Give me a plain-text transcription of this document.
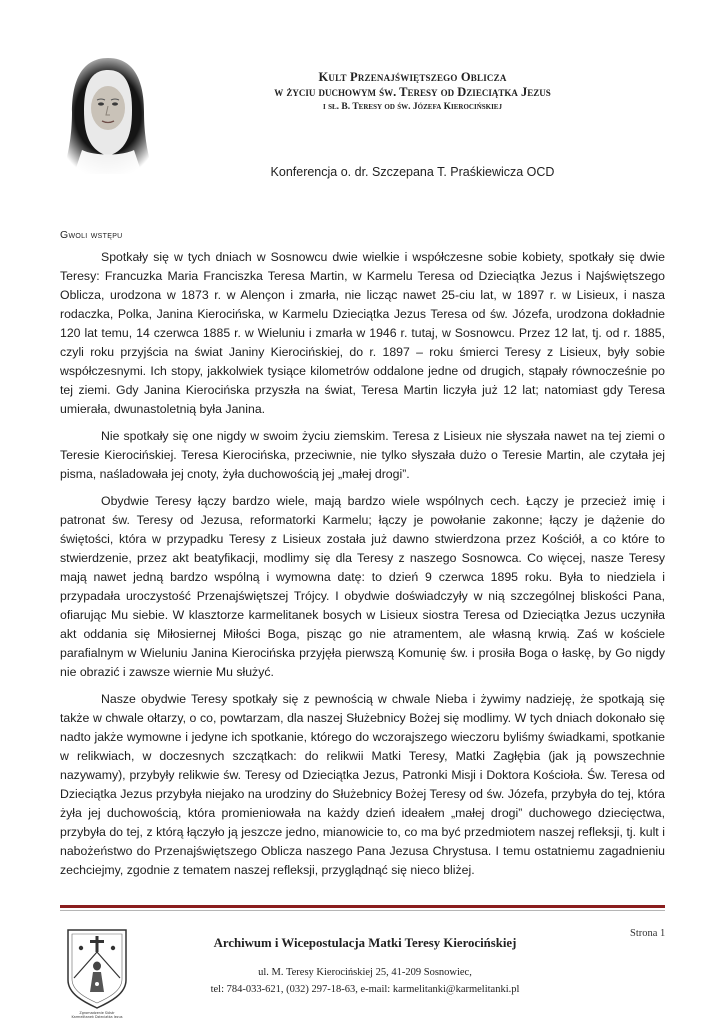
Kult Przenajświętszego Oblicza
w życiu duchowym św. Teresy od Dzieciątka Jezus
i sł. B. Teresy od św. Józefa Kierocińskiej
Konferencja o. dr. Szczepana T. Praśkiewicza OCD
Gwoli wstępu

Spotkały się w tych dniach w Sosnowcu dwie wielkie i współczesne sobie kobiety, spotkały się dwie Teresy: Francuzka Maria Franciszka Teresa Martin, w Karmelu Teresa od Dzieciątka Jezus i Najświętszego Oblicza, urodzona w 1873 r. w Alençon i zmarła, nie licząc nawet 25-ciu lat, w 1897 r. w Lisieux, i nasza rodaczka, Polka, Janina Kierocińska, w Karmelu Dzieciątka Jezus Teresa od św. Józefa, urodzona dokładnie 120 lat temu, 14 czerwca 1885 r. w Wieluniu i zmarła w 1946 r. tutaj, w Sosnowcu. Przez 12 lat, tj. od r. 1885, czyli roku przyjścia na świat Janiny Kierocińskiej, do r. 1897 – roku śmierci Teresy z Lisieux, były sobie współczesnymi. Ich stopy, jakkolwiek tysiące kilometrów oddalone jedne od drugich, stąpały równocześnie po tej ziemi. Gdy Janina Kierocińska przyszła na świat, Teresa Martin liczyła już 12 lat; natomiast gdy Teresa umierała, dwunastoletnią była Janina.

Nie spotkały się one nigdy w swoim życiu ziemskim. Teresa z Lisieux nie słyszała nawet na tej ziemi o Teresie Kierocińskiej. Teresa Kierocińska, przeciwnie, nie tylko słyszała dużo o Teresie Martin, ale czytała jej pisma, naśladowała jej cnoty, żyła duchowością jej „małej drogi”.

Obydwie Teresy łączy bardzo wiele, mają bardzo wiele wspólnych cech. Łączy je przecież imię i patronat św. Teresy od Jezusa, reformatorki Karmelu; łączy je powołanie zakonne; łączy je dążenie do świętości, która w przypadku Teresy z Lisieux została już dawno stwierdzona przez Kościół, a co które to stwierdzenie, przez akt beatyfikacji, modlimy się dla Teresy z naszego Sosnowca. Co więcej, nasze Teresy mają nawet jedną bardzo wspólną i wymowna datę: to dzień 9 czerwca 1895 roku. Była to niedziela i przypadała uroczystość Przenajświętszej Trójcy. I obydwie doświadczyły w nią szczególnej bliskości Pana, ofiarując Mu siebie. W klasztorze karmelitanek bosych w Lisieux siostra Teresa od Dzieciątka Jezus uczyniła akt oddania się Miłosiernej Miłości Boga, pisząc go nie atramentem, ale własną krwią. Zaś w kościele parafialnym w Wieluniu Janina Kierocińska przyjęła pierwszą Komunię św. i prosiła Boga o łaskę, by Go nigdy nie obrazić i zawsze wiernie Mu służyć.

Nasze obydwie Teresy spotkały się z pewnością w chwale Nieba i żywimy nadzieję, że spotkają się także w chwale ołtarzy, o co, powtarzam, dla naszej Służebnicy Bożej się modlimy. W tych dniach dokonało się nadto jakże wymowne i jedyne ich spotkanie, którego do wczorajszego wieczoru byliśmy świadkami, spotkanie w relikwiach, w doczesnych szczątkach: do relikwii Matki Teresy, Matki Zagłębia (jak ją powszechnie nazywamy), przybyły relikwie św. Teresy od Dzieciątka Jezus, Patronki Misji i Doktora Kościoła. Św. Teresa od Dzieciątka Jezus przybyła niejako na urodziny do Służebnicy Bożej Teresy od św. Józefa, przybyła do tej, która żyła jej duchowością, która promieniowała na każdy dzień ideałem „małej drogi” duchowego dziecięctwa, przybyła do tej, z którą łączyło ją jeszcze jedno, mianowicie to, co ma być przedmiotem naszej refleksji, tj. kult i nabożeństwo do Przenajświętszego Oblicza naszego Pana Jezusa Chrystusa. I temu ostatniemu zagadnieniu zechciejmy, zgodnie z tematem naszej refleksji, przyglądnąć się nieco bliżej.

Zgromadzenie Sióstr
Karmelitanek Dzieciątka Jezus
Strona 1
Archiwum i Wicepostulacja Matki Teresy Kierocińskiej
ul. M. Teresy Kierocińskiej 25, 41-209 Sosnowiec,
tel: 784-033-621, (032) 297-18-63, e-mail: karmelitanki@karmelitanki.pl
